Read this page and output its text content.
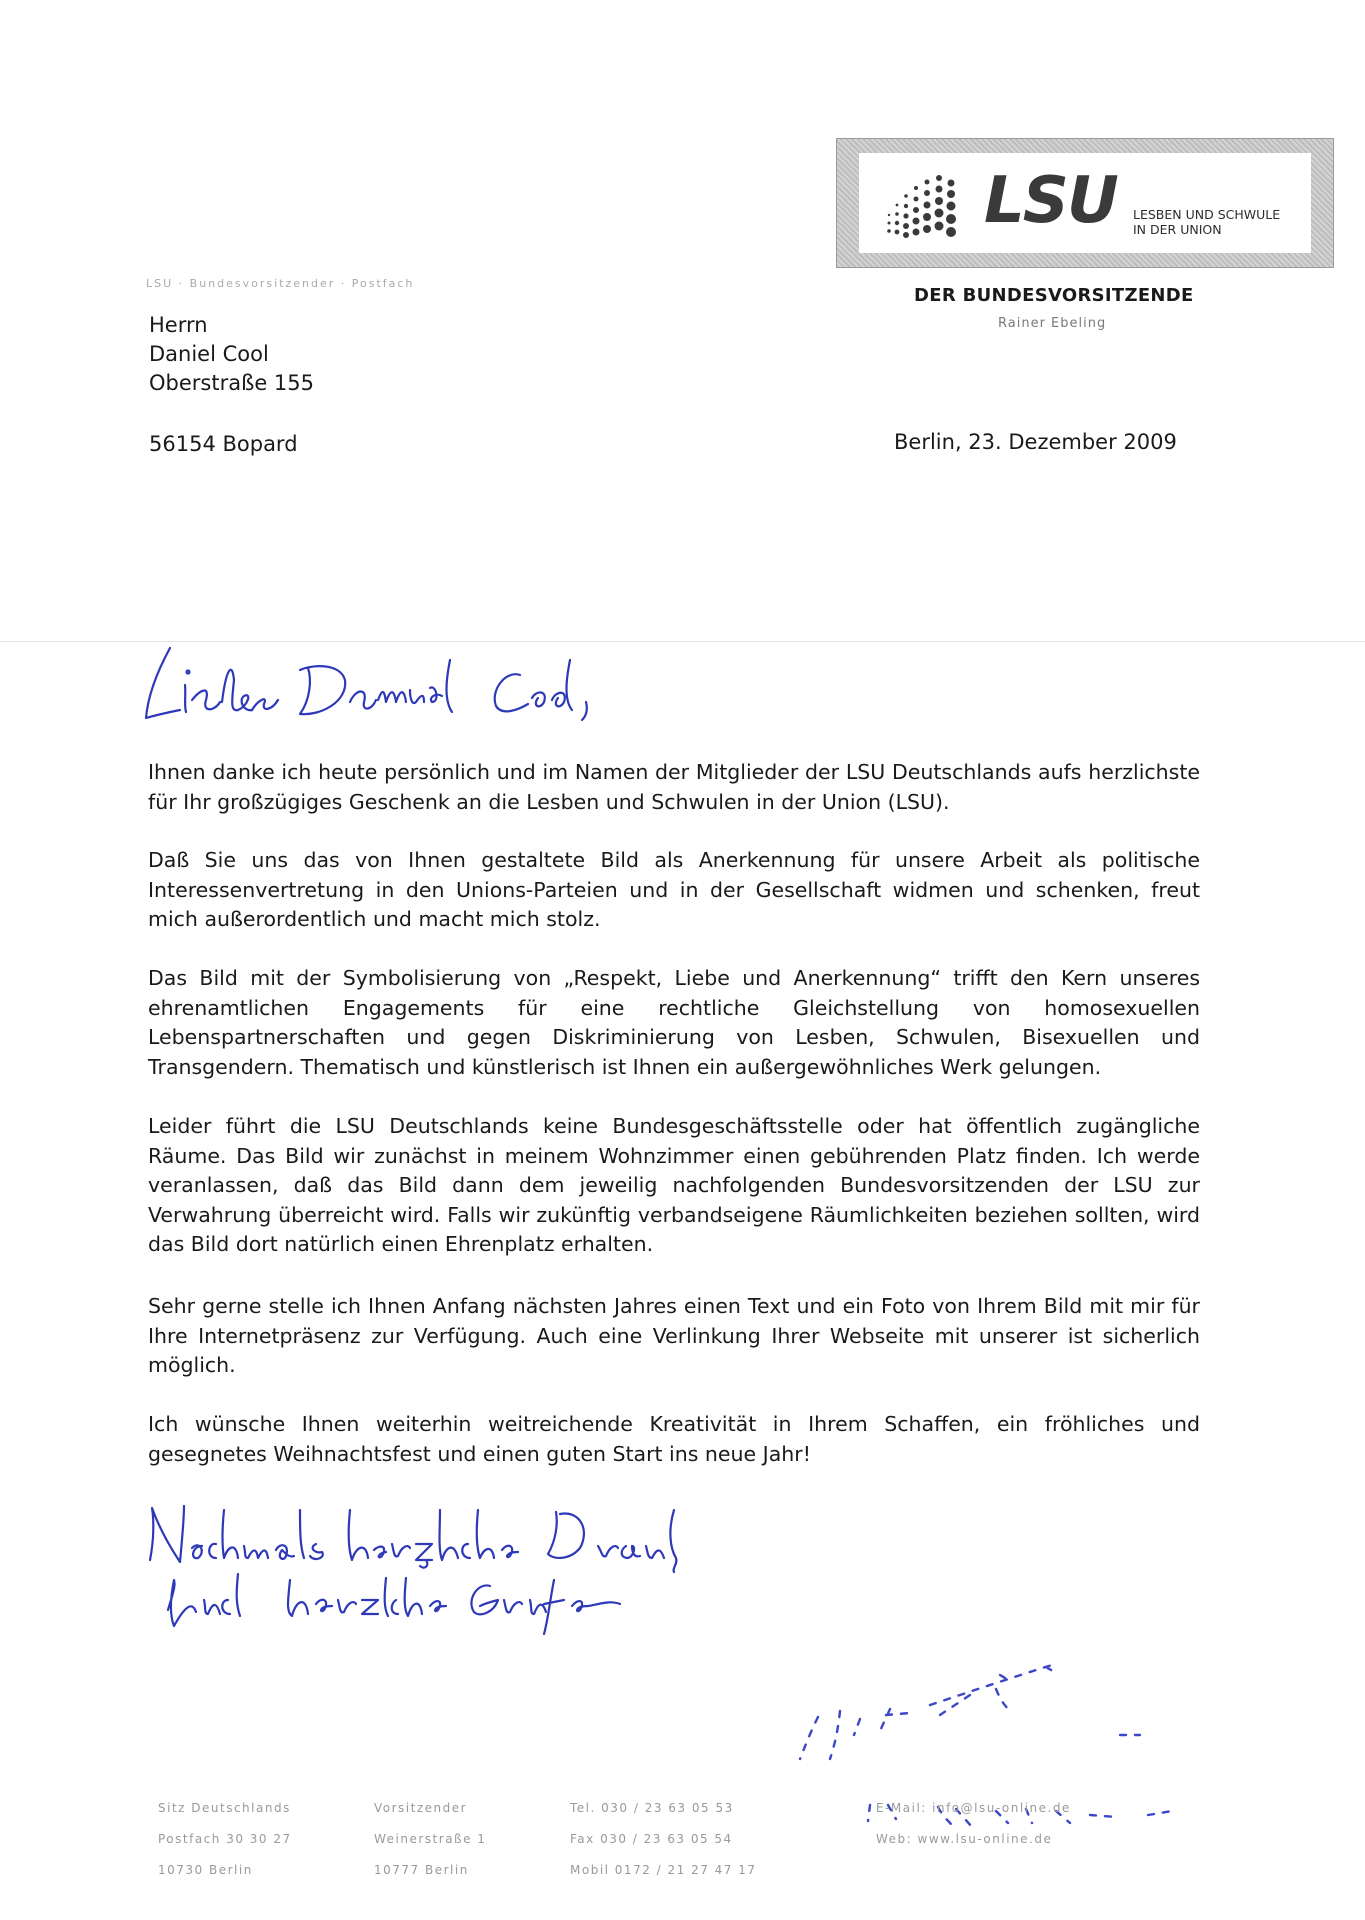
LSU LESBEN UND SCHWULE
IN DER UNION
DER BUNDESVORSITZENDE
Rainer Ebeling
LSU · Bundesvorsitzender · Postfach
Herrn
Daniel Cool
Oberstraße 155
56154 Bopard	Berlin, 23. Dezember 2009
Ihnen danke ich heute persönlich und im Namen der Mitglieder der LSU Deutschlands aufs herzlichste für Ihr großzügiges Geschenk an die Lesben und Schwulen in der Union (LSU).
Daß Sie uns das von Ihnen gestaltete Bild als Anerkennung für unsere Arbeit als politische Interessenvertretung in den Unions-Parteien und in der Gesellschaft widmen und schenken, freut mich außerordentlich und macht mich stolz.
Das Bild mit der Symbolisierung von „Respekt, Liebe und Anerkennung“ trifft den Kern unseres ehrenamtlichen Engagements für eine rechtliche Gleichstellung von homosexuellen Lebenspartnerschaften und gegen Diskriminierung von Lesben, Schwulen, Bisexuellen und Transgendern. Thematisch und künstlerisch ist Ihnen ein außergewöhnliches Werk gelungen.
Leider führt die LSU Deutschlands keine Bundesgeschäftsstelle oder hat öffentlich zugängliche Räume. Das Bild wir zunächst in meinem Wohnzimmer einen gebührenden Platz finden. Ich werde veranlassen, daß das Bild dann dem jeweilig nachfolgenden Bundesvorsitzenden der LSU zur Verwahrung überreicht wird. Falls wir zukünftig verbandseigene Räumlichkeiten beziehen sollten, wird das Bild dort natürlich einen Ehrenplatz erhalten.
Sehr gerne stelle ich Ihnen Anfang nächsten Jahres einen Text und ein Foto von Ihrem Bild mit mir für Ihre Internetpräsenz zur Verfügung. Auch eine Verlinkung Ihrer Webseite mit unserer ist sicherlich möglich.
Ich wünsche Ihnen weiterhin weitreichende Kreativität in Ihrem Schaffen, ein fröhliches und gesegnetes Weihnachtsfest und einen guten Start ins neue Jahr!
Sitz Deutschlands
Postfach 30 30 27
10730 Berlin
Vorsitzender
Weinerstraße 1
10777 Berlin
Tel. 030 / 23 63 05 53
Fax 030 / 23 63 05 54
Mobil 0172 / 21 27 47 17
E-Mail: info@lsu-online.de
Web: www.lsu-online.de
